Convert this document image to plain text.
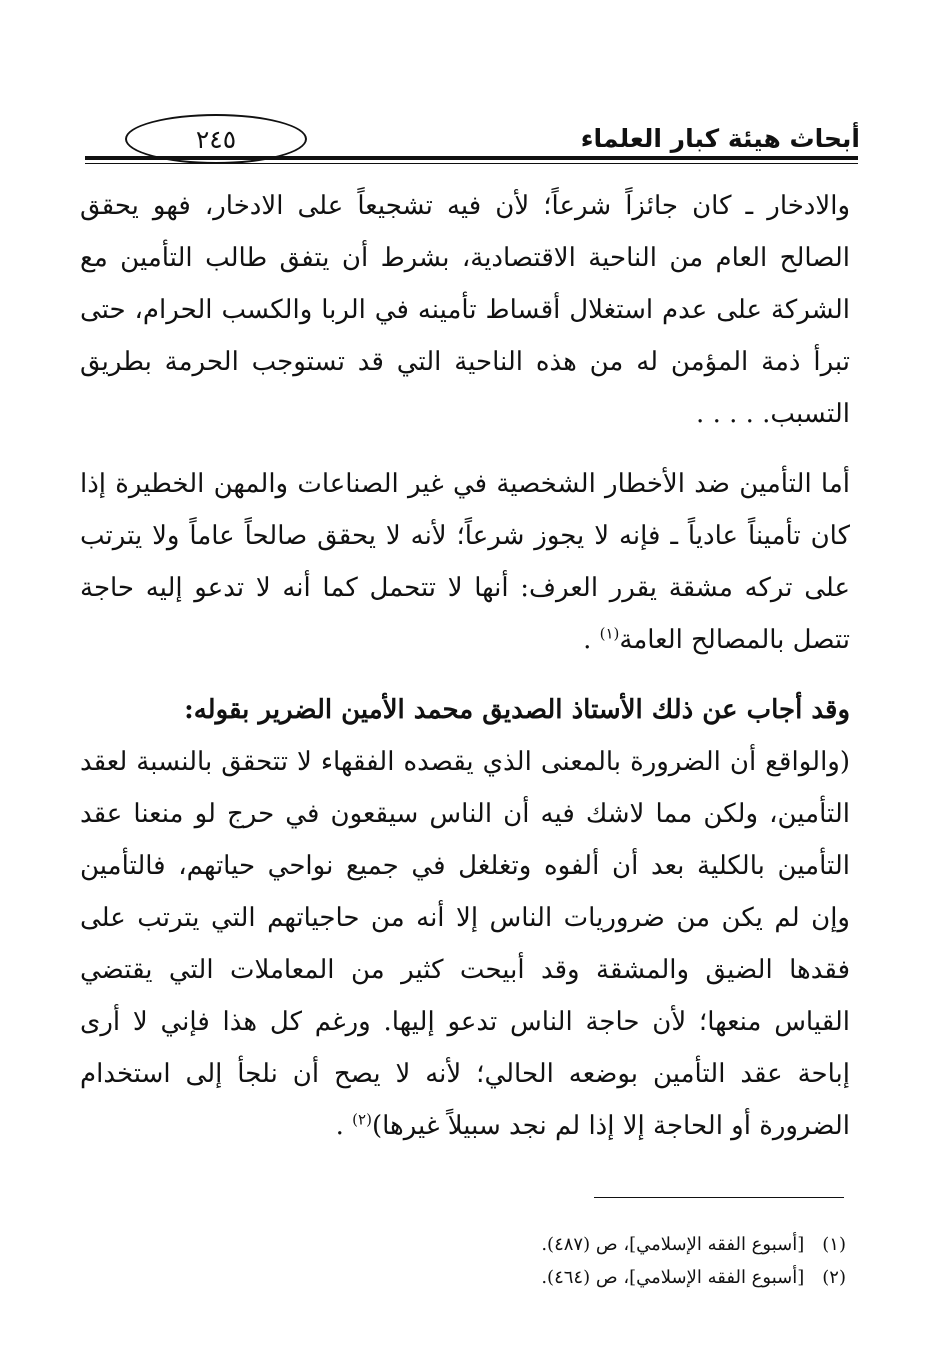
٢٤٥	أبحاث هيئة كبار العلماء

والادخار ـ كان جائزاً شرعاً؛ لأن فيه تشجيعاً على الادخار، فهو يحقق الصالح العام من الناحية الاقتصادية، بشرط أن يتفق طالب التأمين مع الشركة على عدم استغلال أقساط تأمينه في الربا والكسب الحرام، حتى تبرأ ذمة المؤمن له من هذه الناحية التي قد تستوجب الحرمة بطريق التسبب. . . . .

أما التأمين ضد الأخطار الشخصية في غير الصناعات والمهن الخطيرة إذا كان تأميناً عادياً ـ فإنه لا يجوز شرعاً؛ لأنه لا يحقق صالحاً عاماً ولا يترتب على تركه مشقة يقرر العرف: أنها لا تتحمل كما أنه لا تدعو إليه حاجة تتصل بالمصالح العامة$^{(١)}$ .

وقد أجاب عن ذلك الأستاذ الصديق محمد الأمين الضرير بقوله:

(والواقع أن الضرورة بالمعنى الذي يقصده الفقهاء لا تتحقق بالنسبة لعقد التأمين، ولكن مما لاشك فيه أن الناس سيقعون في حرج لو منعنا عقد التأمين بالكلية بعد أن ألفوه وتغلغل في جميع نواحي حياتهم، فالتأمين وإن لم يكن من ضروريات الناس إلا أنه من حاجياتهم التي يترتب على فقدها الضيق والمشقة وقد أبيحت كثير من المعاملات التي يقتضي القياس منعها؛ لأن حاجة الناس تدعو إليها. ورغم كل هذا فإني لا أرى إباحة عقد التأمين بوضعه الحالي؛ لأنه لا يصح أن نلجأ إلى استخدام الضرورة أو الحاجة إلا إذا لم نجد سبيلاً غيرها)$^{(٢)}$ .

(١)[أسبوع الفقه الإسلامي]، ص (٤٨٧).
(٢)[أسبوع الفقه الإسلامي]، ص (٤٦٤).
